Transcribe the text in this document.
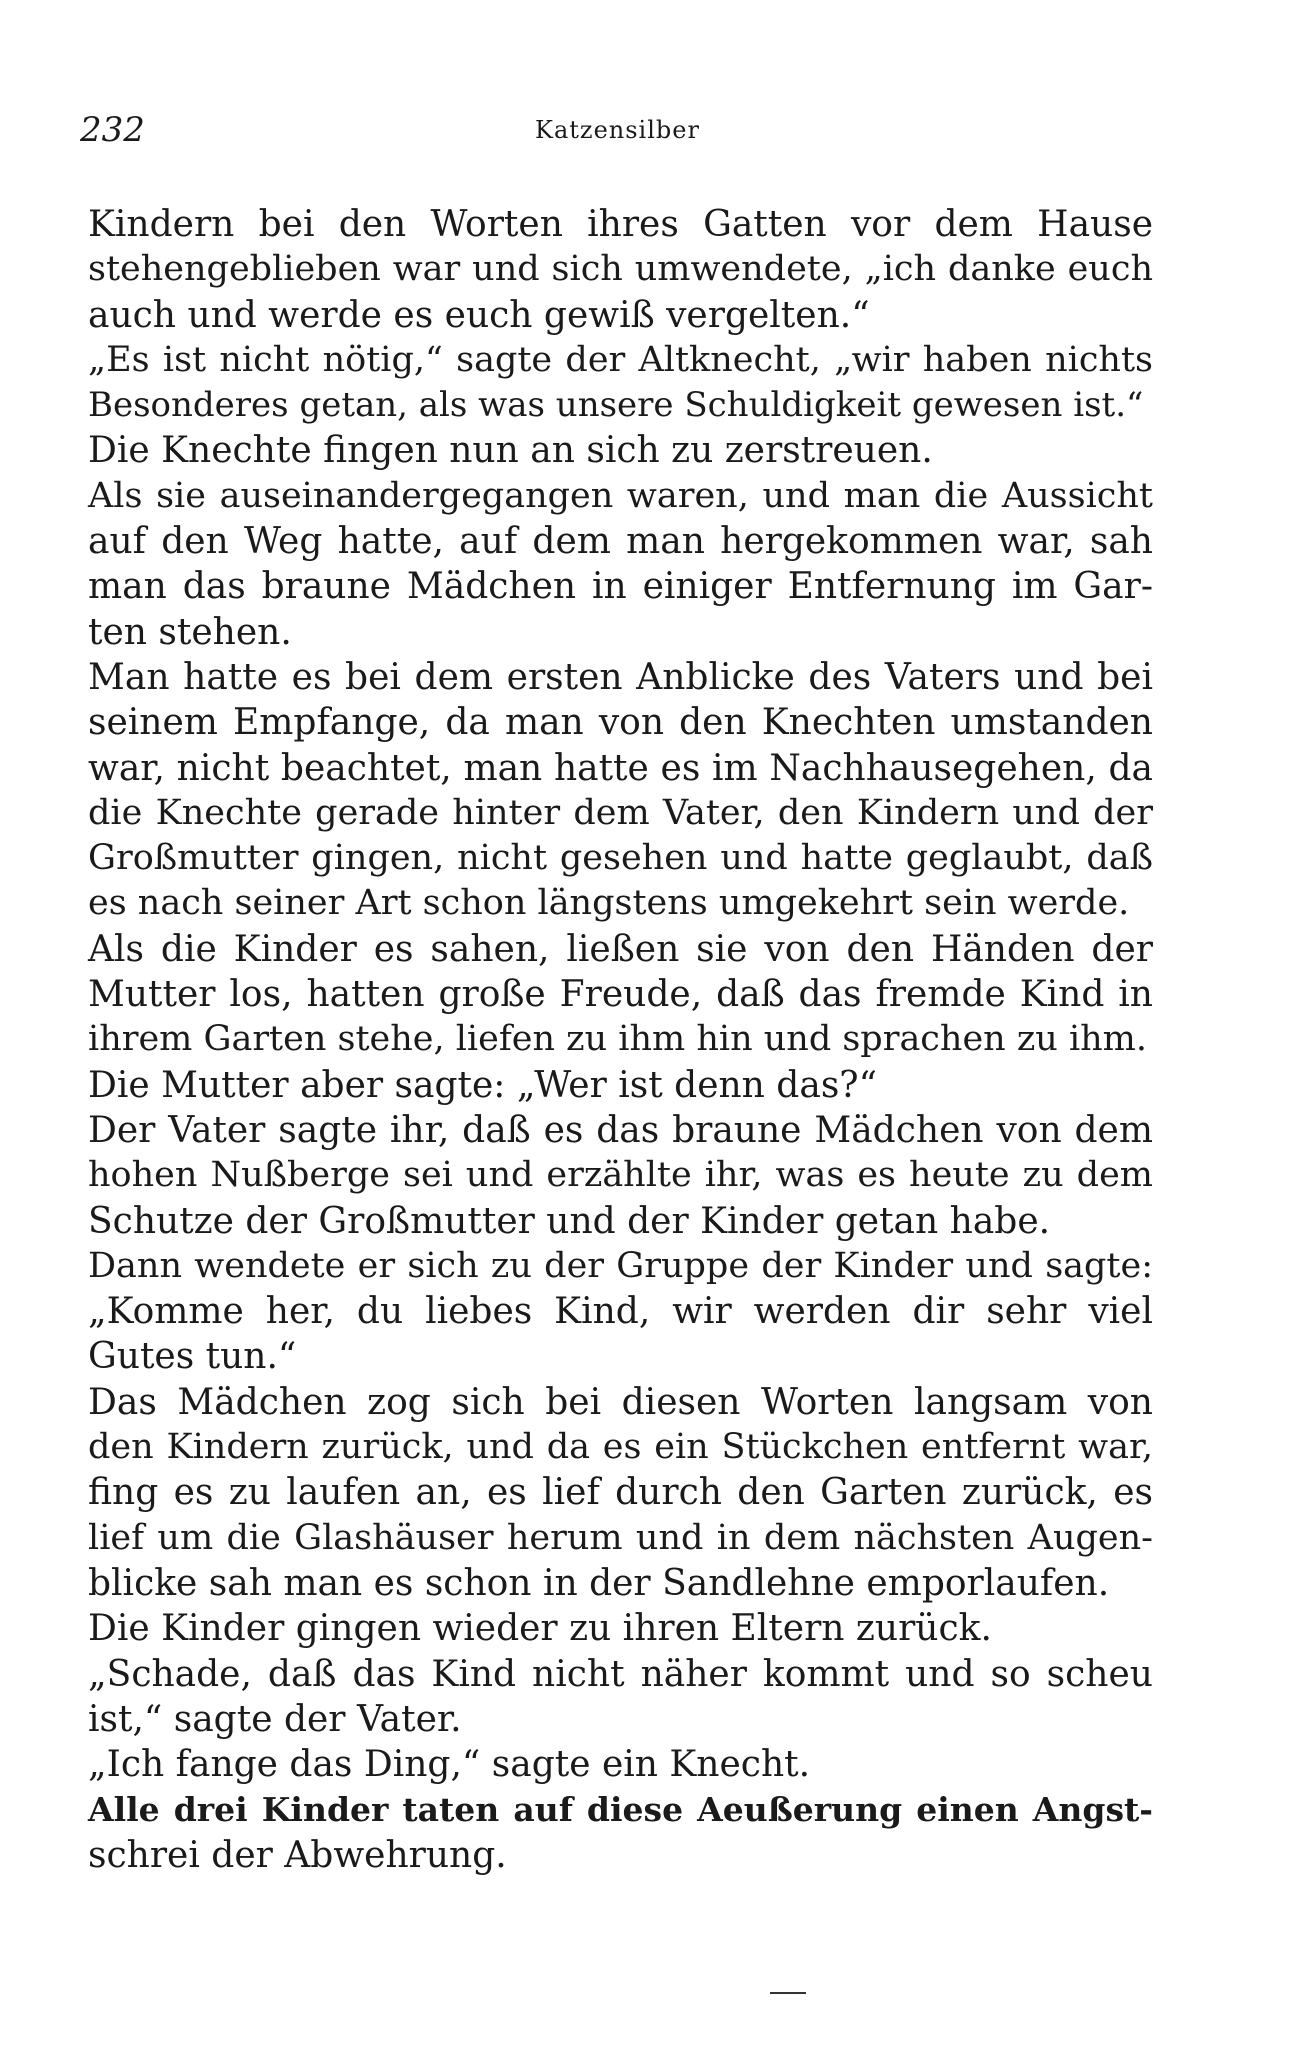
232	Katzensilber
Kindern bei den Worten ihres Gatten vor dem Hause
stehengeblieben war und sich umwendete, „ich danke euch
auch und werde es euch gewiß vergelten.“
„Es ist nicht nötig,“ sagte der Altknecht, „wir haben nichts
Besonderes getan, als was unsere Schuldigkeit gewesen ist.“
Die Knechte fingen nun an sich zu zerstreuen.
Als sie auseinandergegangen waren, und man die Aussicht
auf den Weg hatte, auf dem man hergekommen war, sah
man das braune Mädchen in einiger Entfernung im Gar-
ten stehen.
Man hatte es bei dem ersten Anblicke des Vaters und bei
seinem Empfange, da man von den Knechten umstanden
war, nicht beachtet, man hatte es im Nachhausegehen, da
die Knechte gerade hinter dem Vater, den Kindern und der
Großmutter gingen, nicht gesehen und hatte geglaubt, daß
es nach seiner Art schon längstens umgekehrt sein werde.
Als die Kinder es sahen, ließen sie von den Händen der
Mutter los, hatten große Freude, daß das fremde Kind in
ihrem Garten stehe, liefen zu ihm hin und sprachen zu ihm.
Die Mutter aber sagte: „Wer ist denn das?“
Der Vater sagte ihr, daß es das braune Mädchen von dem
hohen Nußberge sei und erzählte ihr, was es heute zu dem
Schutze der Großmutter und der Kinder getan habe.
Dann wendete er sich zu der Gruppe der Kinder und sagte:
„Komme her, du liebes Kind, wir werden dir sehr viel
Gutes tun.“
Das Mädchen zog sich bei diesen Worten langsam von
den Kindern zurück, und da es ein Stückchen entfernt war,
fing es zu laufen an, es lief durch den Garten zurück, es
lief um die Glashäuser herum und in dem nächsten Augen-
blicke sah man es schon in der Sandlehne emporlaufen.
Die Kinder gingen wieder zu ihren Eltern zurück.
„Schade, daß das Kind nicht näher kommt und so scheu
ist,“ sagte der Vater.
„Ich fange das Ding,“ sagte ein Knecht.
Alle drei Kinder taten auf diese Aeußerung einen Angst-
schrei der Abwehrung.
